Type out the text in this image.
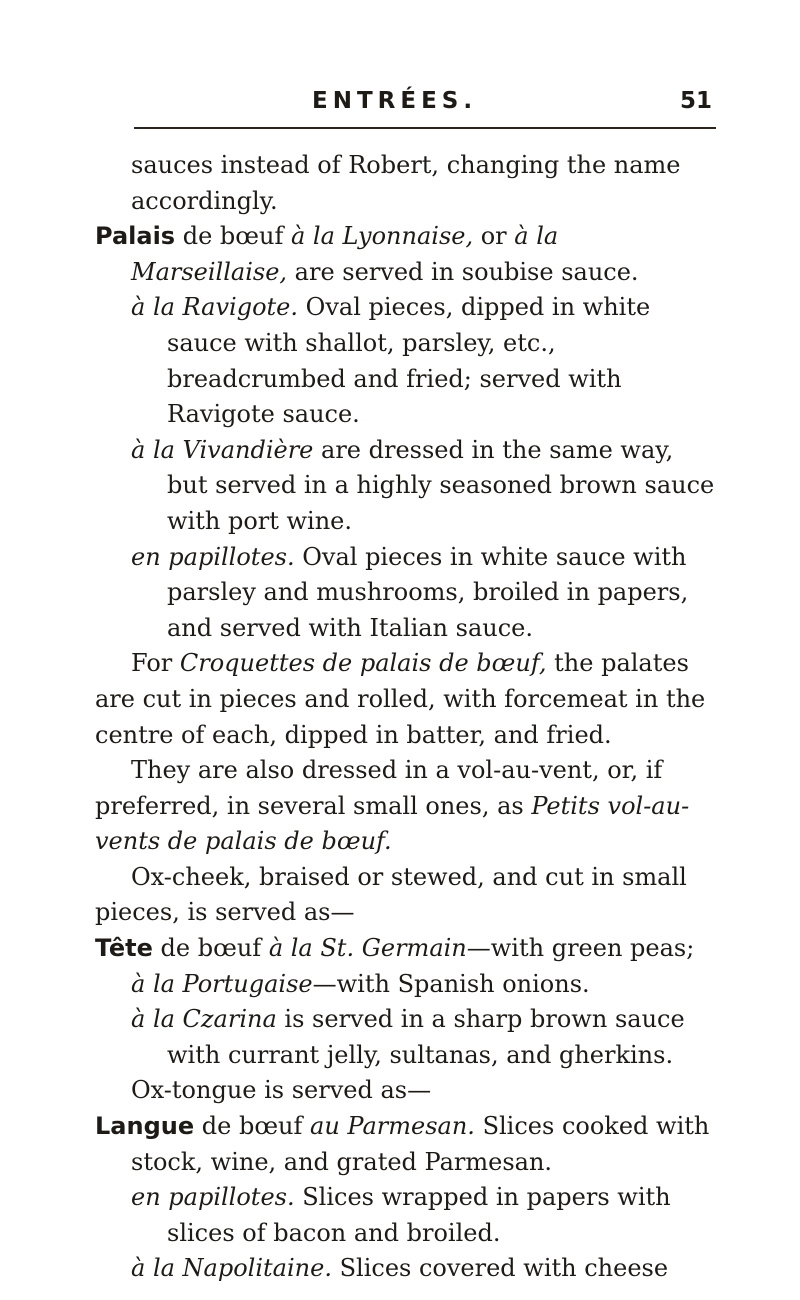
ENTRÉES.	51

sauces instead of Robert, changing the name accordingly.

Palais de bœuf à la Lyonnaise, or à la Marseillaise, are served in soubise sauce.

à la Ravigote. Oval pieces, dipped in white sauce with shallot, parsley, etc., breadcrumbed and fried; served with Ravigote sauce.

à la Vivandière are dressed in the same way, but served in a highly seasoned brown sauce with port wine.

en papillotes. Oval pieces in white sauce with parsley and mushrooms, broiled in papers, and served with Italian sauce.

For Croquettes de palais de bœuf, the palates are cut in pieces and rolled, with forcemeat in the centre of each, dipped in batter, and fried.

They are also dressed in a vol-au-vent, or, if preferred, in several small ones, as Petits vol-au-vents de palais de bœuf.

Ox-cheek, braised or stewed, and cut in small pieces, is served as—

Tête de bœuf à la St. Germain—with green peas;

à la Portugaise—with Spanish onions.

à la Czarina is served in a sharp brown sauce with currant jelly, sultanas, and gherkins.

Ox-tongue is served as—

Langue de bœuf au Parmesan. Slices cooked with stock, wine, and grated Parmesan.

en papillotes. Slices wrapped in papers with slices of bacon and broiled.

à la Napolitaine. Slices covered with cheese
